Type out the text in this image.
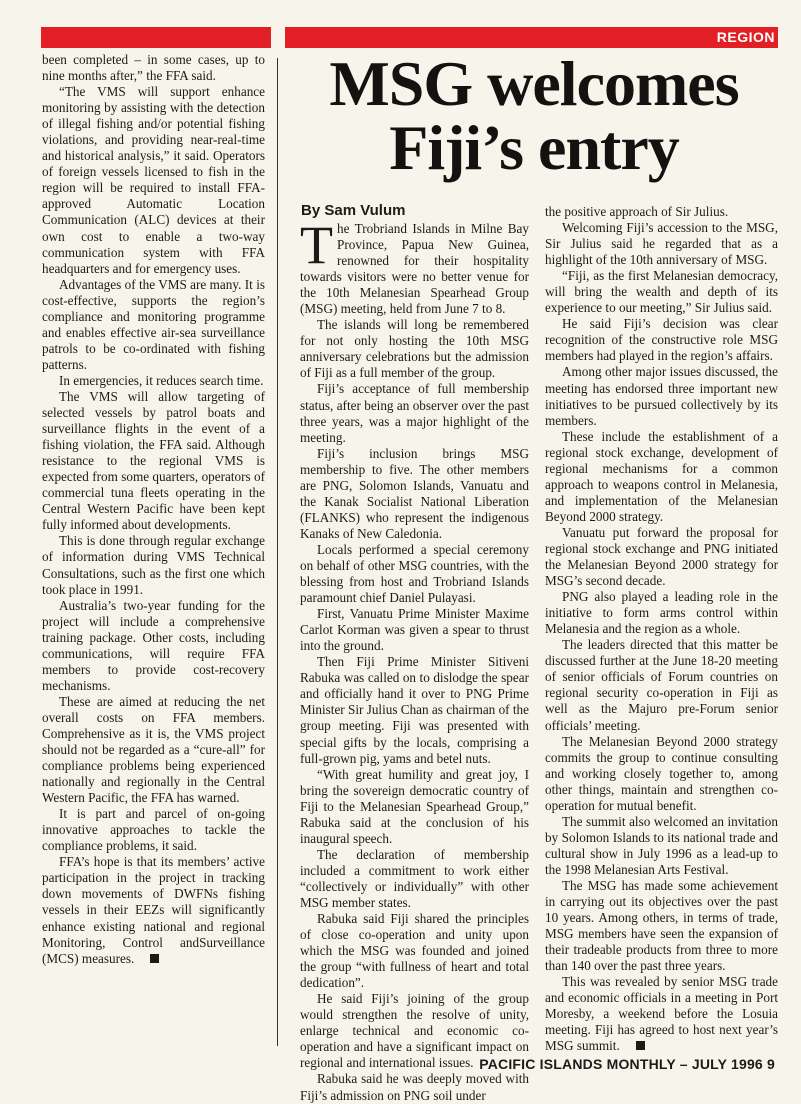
REGION

been completed – in some cases, up to nine months after,” the FFA said.

“The VMS will support enhance monitoring by assisting with the detection of illegal fishing and/or potential fishing violations, and providing near-real-time and historical analysis,” it said. Operators of foreign vessels licensed to fish in the region will be required to install FFA-approved Automatic Location Communication (ALC) devices at their own cost to enable a two-way communication system with FFA headquarters and for emergency uses.

Advantages of the VMS are many. It is cost-effective, supports the region’s compliance and monitoring programme and enables effective air-sea surveillance patrols to be co-ordinated with fishing patterns.

In emergencies, it reduces search time.

The VMS will allow targeting of selected vessels by patrol boats and surveillance flights in the event of a fishing violation, the FFA said. Although resistance to the regional VMS is expected from some quarters, operators of commercial tuna fleets operating in the Central Western Pacific have been kept fully informed about developments.

This is done through regular exchange of information during VMS Technical Consultations, such as the first one which took place in 1991.

Australia’s two-year funding for the project will include a comprehensive training package. Other costs, including communications, will require FFA members to provide cost-recovery mechanisms.

These are aimed at reducing the net overall costs on FFA members. Comprehensive as it is, the VMS project should not be regarded as a “cure-all” for compliance problems being experienced nationally and regionally in the Central Western Pacific, the FFA has warned.

It is part and parcel of on-going innovative approaches to tackle the compliance problems, it said.

FFA’s hope is that its members’ active participation in the project in tracking down movements of DWFNs fishing vessels in their EEZs will significantly enhance existing national and regional Monitoring, Control andSurveillance (MCS) measures.

MSG welcomes
Fiji’s entry
By Sam Vulum

The Trobriand Islands in Milne Bay Province, Papua New Guinea, renowned for their hospitality towards visitors were no better venue for the 10th Melanesian Spearhead Group (MSG) meeting, held from June 7 to 8.

The islands will long be remembered for not only hosting the 10th MSG anniversary celebrations but the admission of Fiji as a full member of the group.

Fiji’s acceptance of full membership status, after being an observer over the past three years, was a major highlight of the meeting.

Fiji’s inclusion brings MSG membership to five. The other members are PNG, Solomon Islands, Vanuatu and the Kanak Socialist National Liberation (FLANKS) who represent the indigenous Kanaks of New Caledonia.

Locals performed a special ceremony on behalf of other MSG countries, with the blessing from host and Trobriand Islands paramount chief Daniel Pulayasi.

First, Vanuatu Prime Minister Maxime Carlot Korman was given a spear to thrust into the ground.

Then Fiji Prime Minister Sitiveni Rabuka was called on to dislodge the spear and officially hand it over to PNG Prime Minister Sir Julius Chan as chairman of the group meeting. Fiji was presented with special gifts by the locals, comprising a full-grown pig, yams and betel nuts.

“With great humility and great joy, I bring the sovereign democratic country of Fiji to the Melanesian Spearhead Group,” Rabuka said at the conclusion of his inaugural speech.

The declaration of membership included a commitment to work either “collectively or individually” with other MSG member states.

Rabuka said Fiji shared the principles of close co-operation and unity upon which the MSG was founded and joined the group “with fullness of heart and total dedication”.

He said Fiji’s joining of the group would strengthen the resolve of unity, enlarge technical and economic co-operation and have a significant impact on regional and international issues.

Rabuka said he was deeply moved with Fiji’s admission on PNG soil under

the positive approach of Sir Julius.

Welcoming Fiji’s accession to the MSG, Sir Julius said he regarded that as a highlight of the 10th anniversary of MSG.

“Fiji, as the first Melanesian democracy, will bring the wealth and depth of its experience to our meeting,” Sir Julius said.

He said Fiji’s decision was clear recognition of the constructive role MSG members had played in the region’s affairs.

Among other major issues discussed, the meeting has endorsed three important new initiatives to be pursued collectively by its members.

These include the establishment of a regional stock exchange, development of regional mechanisms for a common approach to weapons control in Melanesia, and implementation of the Melanesian Beyond 2000 strategy.

Vanuatu put forward the proposal for regional stock exchange and PNG initiated the Melanesian Beyond 2000 strategy for MSG’s second decade.

PNG also played a leading role in the initiative to form arms control within Melanesia and the region as a whole.

The leaders directed that this matter be discussed further at the June 18-20 meeting of senior officials of Forum countries on regional security co-operation in Fiji as well as the Majuro pre-Forum senior officials’ meeting.

The Melanesian Beyond 2000 strategy commits the group to continue consulting and working closely together to, among other things, maintain and strengthen co-operation for mutual benefit.

The summit also welcomed an invitation by Solomon Islands to its national trade and cultural show in July 1996 as a lead-up to the 1998 Melanesian Arts Festival.

The MSG has made some achievement in carrying out its objectives over the past 10 years. Among others, in terms of trade, MSG members have seen the expansion of their tradeable products from three to more than 140 over the past three years.

This was revealed by senior MSG trade and economic officials in a meeting in Port Moresby, a weekend before the Losuia meeting. Fiji has agreed to host next year’s MSG summit.

PACIFIC ISLANDS MONTHLY – JULY 1996 9
